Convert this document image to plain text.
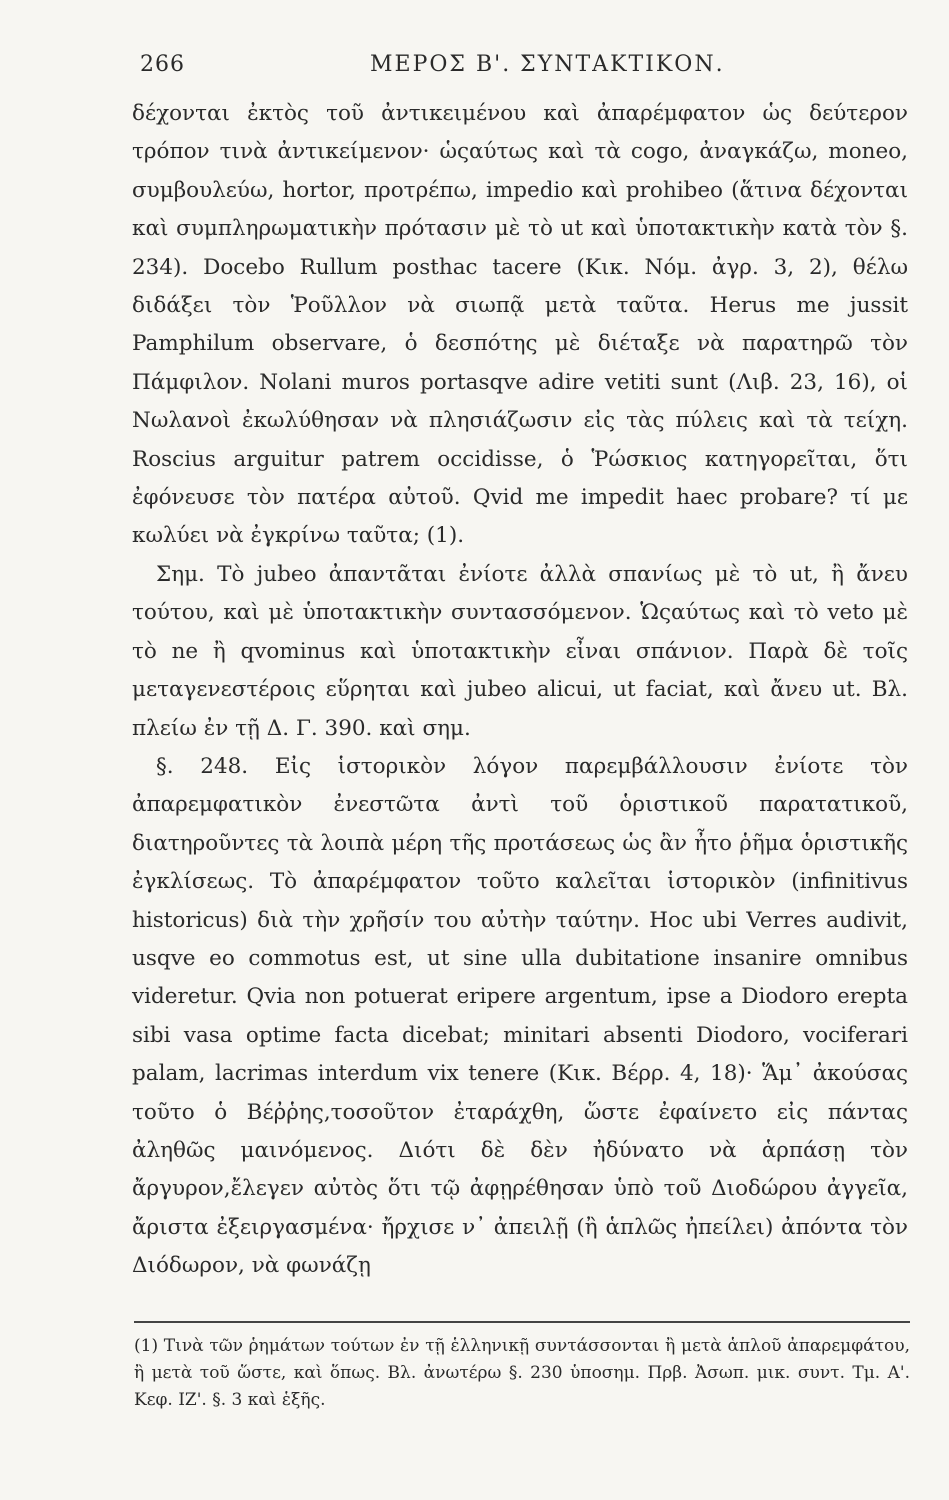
266	ΜΕΡΟΣ Β'. ΣΥΝΤΑΚΤΙΚΟΝ.

δέχονται ἐκτὸς τοῦ ἀντικειμένου καὶ ἀπαρέμφατον ὡς δεύτερον τρόπον τινὰ ἀντικείμενον· ὡςαύτως καὶ τὰ cogo, ἀναγκάζω, moneo, συμβουλεύω, hortor, προτρέπω, impedio καὶ prohibeo (ἅτινα δέχονται καὶ συμπληρωματικὴν πρότασιν μὲ τὸ ut καὶ ὑποτακτικὴν κατὰ τὸν §. 234). Docebo Rullum posthac tacere (Κικ. Νόμ. ἀγρ. 3, 2), θέλω διδάξει τὸν Ῥοῦλλον νὰ σιωπᾷ μετὰ ταῦτα. Herus me jussit Pamphilum observare, ὁ δεσπότης μὲ διέταξε νὰ παρατηρῶ τὸν Πάμφιλον. Nolani muros portasqve adire vetiti sunt (Λιβ. 23, 16), οἱ Νωλανοὶ ἐκωλύθησαν νὰ πλησιάζωσιν εἰς τὰς πύλεις καὶ τὰ τείχη. Roscius arguitur patrem occidisse, ὁ Ῥώσκιος κατηγορεῖται, ὅτι ἐφόνευσε τὸν πατέρα αὐτοῦ. Qvid me impedit haec probare? τί με κωλύει νὰ ἐγκρίνω ταῦτα; (1).

Σημ. Τὸ jubeo ἀπαντᾶται ἐνίοτε ἀλλὰ σπανίως μὲ τὸ ut, ἢ ἄνευ τούτου, καὶ μὲ ὑποτακτικὴν συντασσόμενον. Ὡςαύτως καὶ τὸ veto μὲ τὸ ne ἢ qvominus καὶ ὑποτακτικὴν εἶναι σπάνιον. Παρὰ δὲ τοῖς μεταγενεστέροις εὕρηται καὶ jubeo alicui, ut faciat, καὶ ἄνευ ut. Βλ. πλείω ἐν τῇ Δ. Γ. 390. καὶ σημ.

§. 248. Εἰς ἱστορικὸν λόγον παρεμβάλλουσιν ἐνίοτε τὸν ἀπαρεμφατικὸν ἐνεστῶτα ἀντὶ τοῦ ὁριστικοῦ παρατατικοῦ, διατηροῦντες τὰ λοιπὰ μέρη τῆς προτάσεως ὡς ἂν ἦτο ῥῆμα ὁριστικῆς ἐγκλίσεως. Τὸ ἀπαρέμφατον τοῦτο καλεῖται ἱστορικὸν (infinitivus historicus) διὰ τὴν χρῆσίν του αὐτὴν ταύτην. Hoc ubi Verres audivit, usqve eo commotus est, ut sine ulla dubitatione insanire omnibus videretur. Qvia non potuerat eripere argentum, ipse a Diodoro erepta sibi vasa optime facta dicebat; minitari absenti Diodoro, vociferari palam, lacrimas interdum vix tenere (Κικ. Βέρρ. 4, 18)· Ἅμ᾽ ἀκούσας τοῦτο ὁ Βέῤῥης,τοσοῦτον ἐταράχθη, ὥστε ἐφαίνετο εἰς πάντας ἀληθῶς μαινόμενος. Διότι δὲ δὲν ἠδύνατο νὰ ἁρπάσῃ τὸν ἄργυρον,ἔλεγεν αὐτὸς ὅτι τῷ ἀφῃρέθησαν ὑπὸ τοῦ Διοδώρου ἀγγεῖα, ἄριστα ἐξειργασμένα· ἤρχισε ν᾽ ἀπειλῇ (ἢ ἁπλῶς ἠπείλει) ἀπόντα τὸν Διόδωρον, νὰ φωνάζῃ

(1) Τινὰ τῶν ῥημάτων τούτων ἐν τῇ ἑλληνικῇ συντάσσονται ἢ μετὰ ἁπλοῦ ἀπαρεμφάτου, ἢ μετὰ τοῦ ὥστε, καὶ ὅπως. Βλ. ἀνωτέρω §. 230 ὑποσημ. Πρβ. Ἀσωπ. μικ. συντ. Τμ. Α'. Κεφ. ΙΖ'. §. 3 καὶ ἑξῆς.
